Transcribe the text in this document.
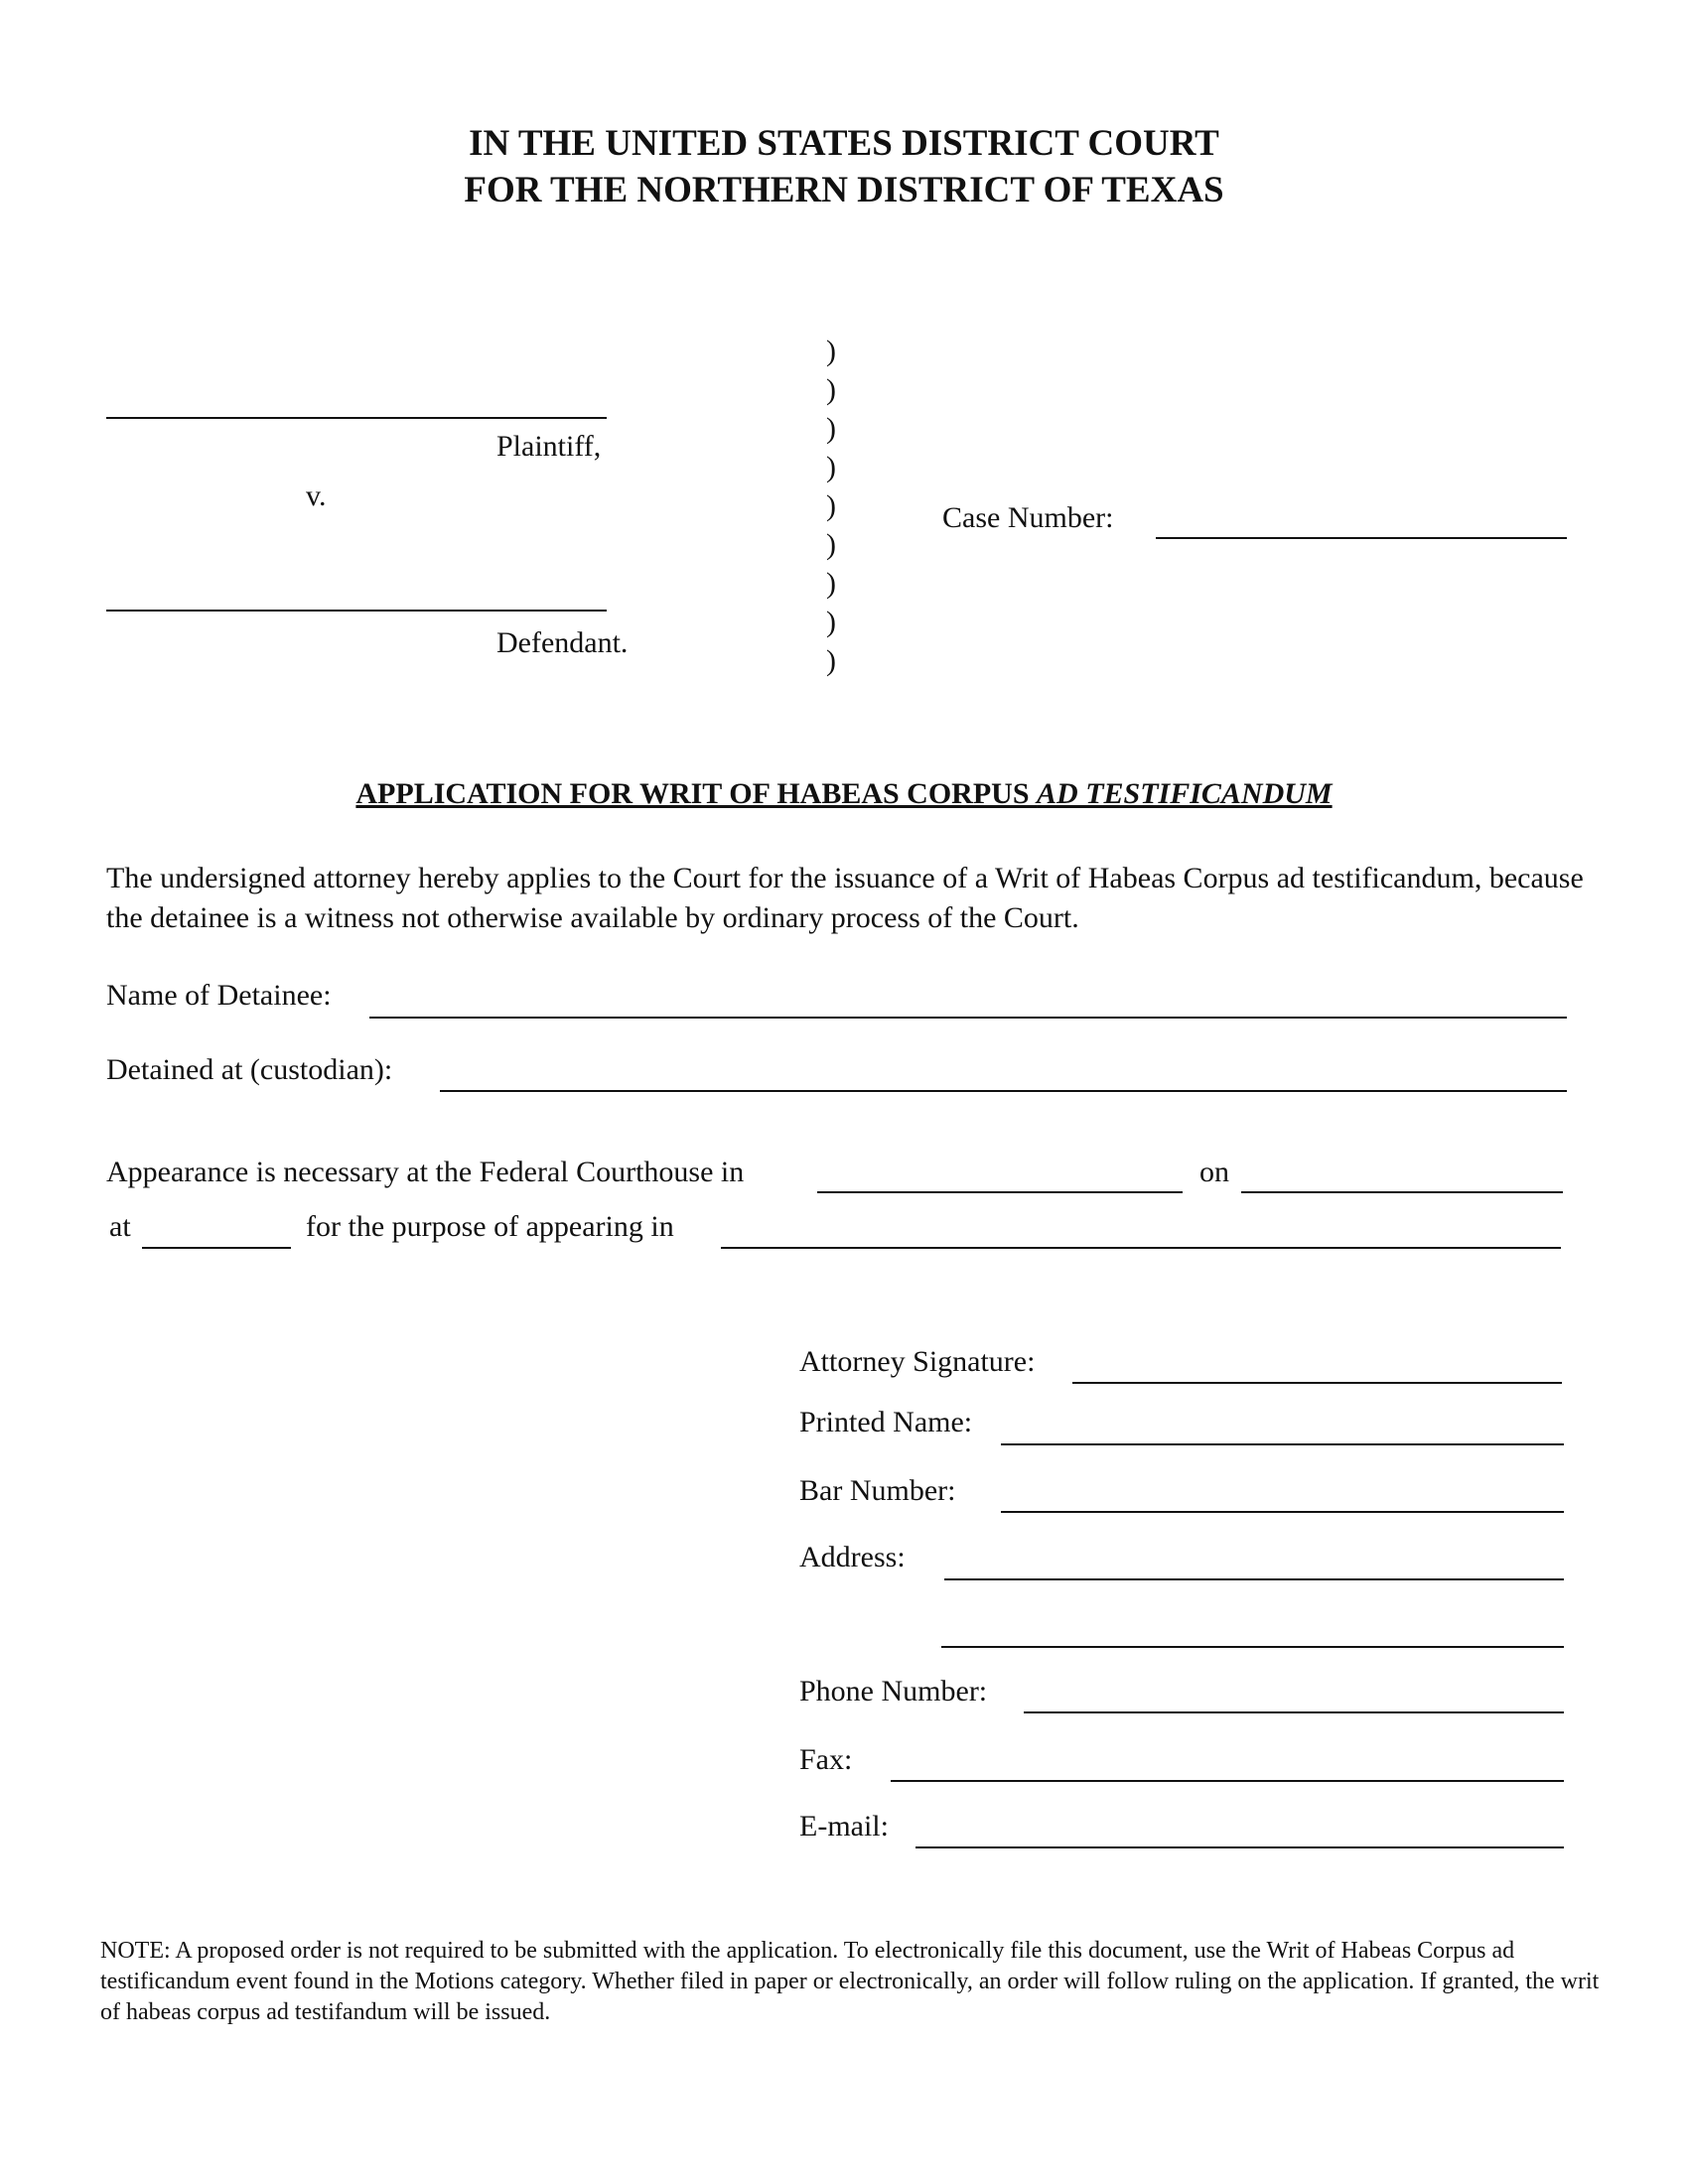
IN THE UNITED STATES DISTRICT COURT
FOR THE NORTHERN DISTRICT OF TEXAS
Plaintiff,
v.
Defendant.
)
)
)
)
)
)
)
)
)
Case Number:
APPLICATION FOR WRIT OF HABEAS CORPUS AD TESTIFICANDUM
The undersigned attorney hereby applies to the Court for the issuance of a Writ of Habeas Corpus ad testificandum, because the detainee is a witness not otherwise available by ordinary process of the Court.
Name of Detainee:
Detained at (custodian):
Appearance is necessary at the Federal Courthouse in	on
at	for the purpose of appearing in
Attorney Signature:
Printed Name:
Bar Number:
Address:
Phone Number:
Fax:
E-mail:
NOTE: A proposed order is not required to be submitted with the application. To electronically file this document, use the Writ of Habeas Corpus ad testificandum event found in the Motions category. Whether filed in paper or electronically, an order will follow ruling on the application. If granted, the writ of habeas corpus ad testifandum will be issued.
